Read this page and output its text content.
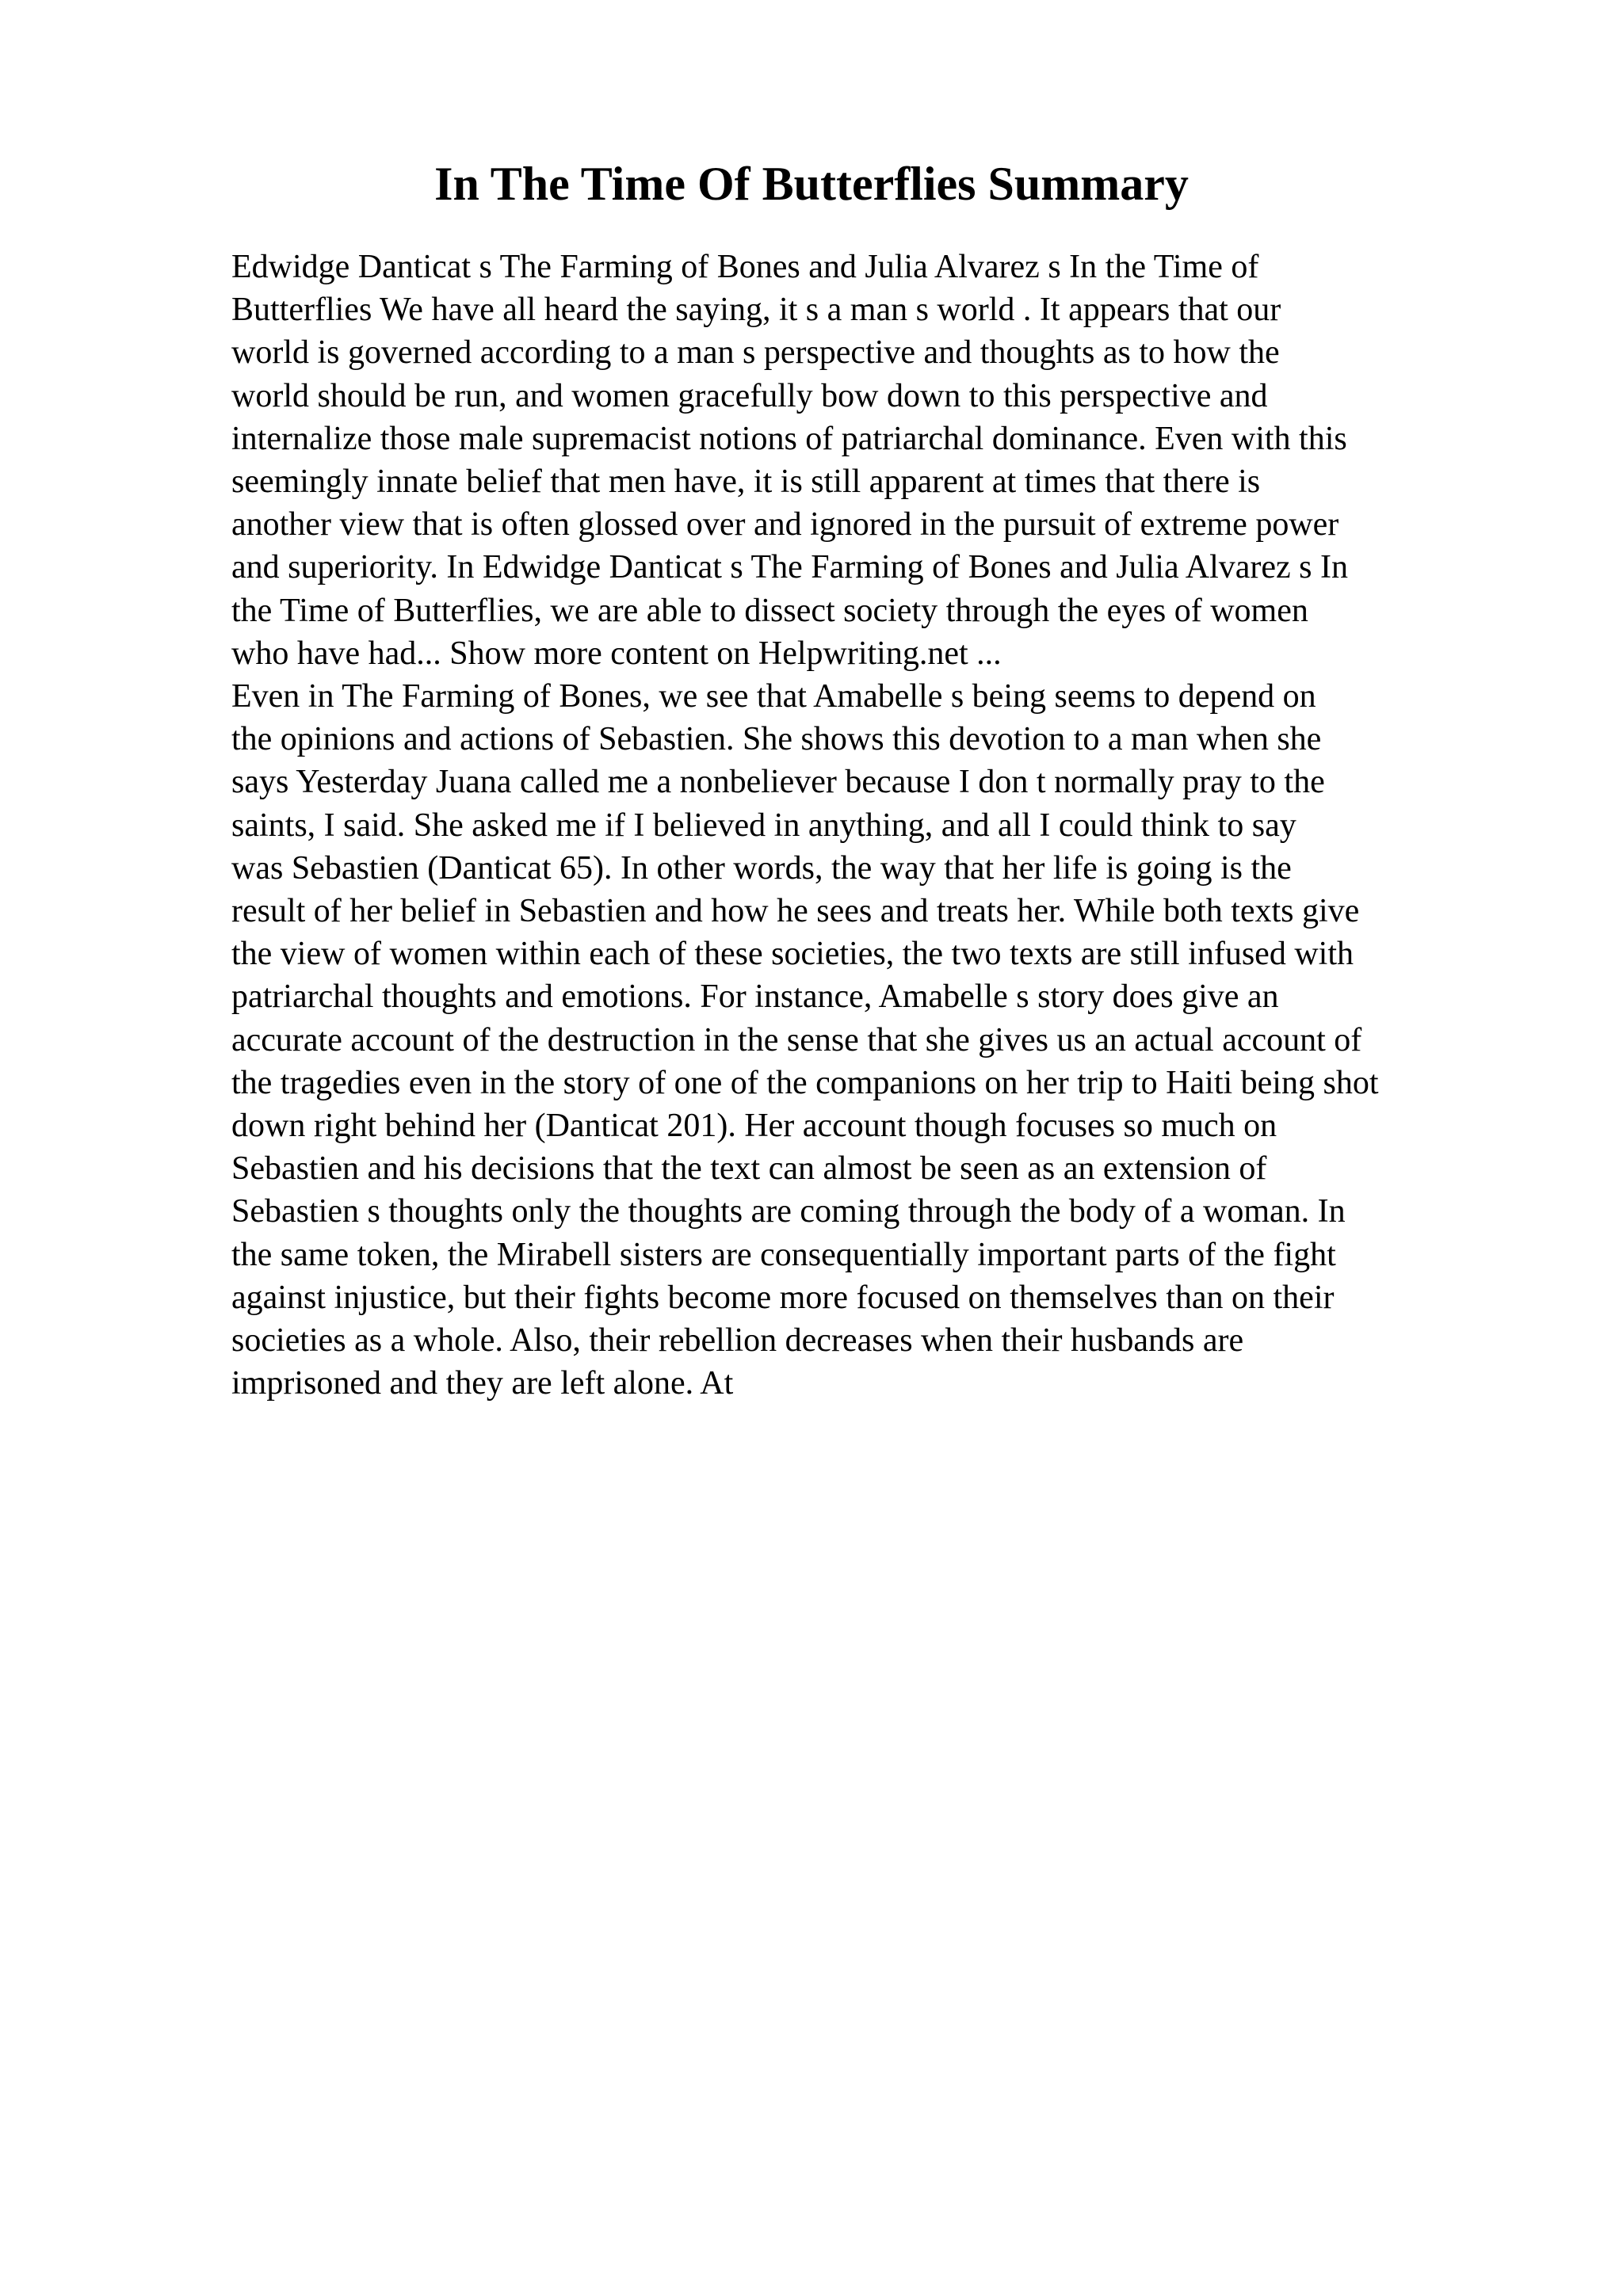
In The Time Of Butterflies Summary
Edwidge Danticat s The Farming of Bones and Julia Alvarez s In the Time of
Butterflies We have all heard the saying, it s a man s world . It appears that our
world is governed according to a man s perspective and thoughts as to how the
world should be run, and women gracefully bow down to this perspective and
internalize those male supremacist notions of patriarchal dominance. Even with this
seemingly innate belief that men have, it is still apparent at times that there is
another view that is often glossed over and ignored in the pursuit of extreme power
and superiority. In Edwidge Danticat s The Farming of Bones and Julia Alvarez s In
the Time of Butterflies, we are able to dissect society through the eyes of women
who have had... Show more content on Helpwriting.net ...
Even in The Farming of Bones, we see that Amabelle s being seems to depend on
the opinions and actions of Sebastien. She shows this devotion to a man when she
says Yesterday Juana called me a nonbeliever because I don t normally pray to the
saints, I said. She asked me if I believed in anything, and all I could think to say
was Sebastien (Danticat 65). In other words, the way that her life is going is the
result of her belief in Sebastien and how he sees and treats her. While both texts give
the view of women within each of these societies, the two texts are still infused with
patriarchal thoughts and emotions. For instance, Amabelle s story does give an
accurate account of the destruction in the sense that she gives us an actual account of
the tragedies even in the story of one of the companions on her trip to Haiti being shot
down right behind her (Danticat 201). Her account though focuses so much on
Sebastien and his decisions that the text can almost be seen as an extension of
Sebastien s thoughts only the thoughts are coming through the body of a woman. In
the same token, the Mirabell sisters are consequentially important parts of the fight
against injustice, but their fights become more focused on themselves than on their
societies as a whole. Also, their rebellion decreases when their husbands are
imprisoned and they are left alone. At
